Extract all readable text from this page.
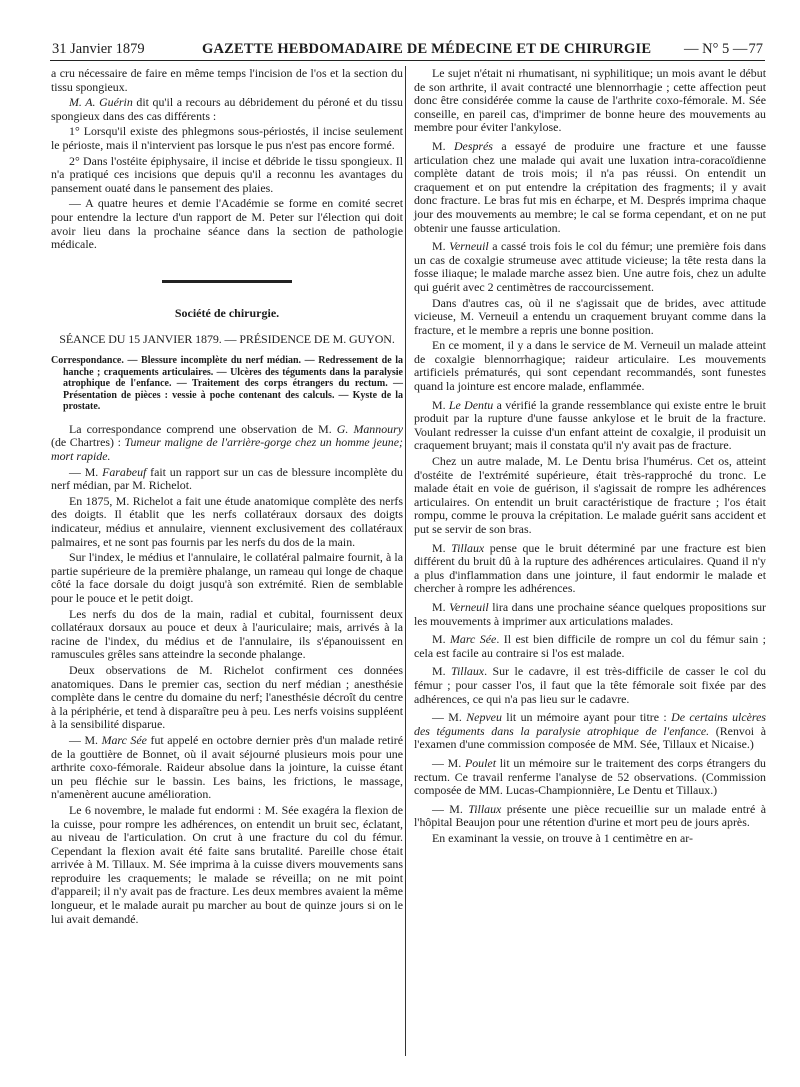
31 Janvier 1879	GAZETTE HEBDOMADAIRE DE MÉDECINE ET DE CHIRURGIE — N° 5 — 77

a cru nécessaire de faire en même temps l'incision de l'os et la section du tissu spongieux.

M. A. Guérin dit qu'il a recours au débridement du péroné et du tissu spongieux dans des cas différents :

1° Lorsqu'il existe des phlegmons sous-périostés, il incise seulement le périoste, mais il n'intervient pas lorsque le pus n'est pas encore formé.

2° Dans l'ostéite épiphysaire, il incise et débride le tissu spongieux. Il n'a pratiqué ces incisions que depuis qu'il a reconnu les avantages du pansement ouaté dans le pansement des plaies.

— A quatre heures et demie l'Académie se forme en comité secret pour entendre la lecture d'un rapport de M. Peter sur l'élection qui doit avoir lieu dans la prochaine séance dans la section de pathologie médicale.

Société de chirurgie.
SÉANCE DU 15 JANVIER 1879. — PRÉSIDENCE DE M. GUYON.
Correspondance. — Blessure incomplète du nerf médian. — Redressement de la hanche ; craquements articulaires. — Ulcères des téguments dans la paralysie atrophique de l'enfance. — Traitement des corps étrangers du rectum. — Présentation de pièces : vessie à poche contenant des calculs. — Kyste de la prostate.

La correspondance comprend une observation de M. G. Mannoury (de Chartres) : Tumeur maligne de l'arrière-gorge chez un homme jeune; mort rapide.

— M. Farabeuf fait un rapport sur un cas de blessure incomplète du nerf médian, par M. Richelot.

En 1875, M. Richelot a fait une étude anatomique complète des nerfs des doigts. Il établit que les nerfs collatéraux dorsaux des doigts indicateur, médius et annulaire, viennent exclusivement des collatéraux palmaires, et ne sont pas fournis par les nerfs du dos de la main.

Sur l'index, le médius et l'annulaire, le collatéral palmaire fournit, à la partie supérieure de la première phalange, un rameau qui longe de chaque côté la face dorsale du doigt jusqu'à son extrémité. Rien de semblable pour le pouce et le petit doigt.

Les nerfs du dos de la main, radial et cubital, fournissent deux collatéraux dorsaux au pouce et deux à l'auriculaire; mais, arrivés à la racine de l'index, du médius et de l'annulaire, ils s'épanouissent en ramuscules grêles sans atteindre la seconde phalange.

Deux observations de M. Richelot confirment ces données anatomiques. Dans le premier cas, section du nerf médian ; anesthésie complète dans le centre du domaine du nerf; l'anesthésie décroît du centre à la périphérie, et tend à disparaître peu à peu. Les nerfs voisins suppléent à la sensibilité disparue.

— M. Marc Sée fut appelé en octobre dernier près d'un malade retiré de la gouttière de Bonnet, où il avait séjourné plusieurs mois pour une arthrite coxo-fémorale. Raideur absolue dans la jointure, la cuisse étant un peu fléchie sur le bassin. Les bains, les frictions, le massage, n'amenèrent aucune amélioration.

Le 6 novembre, le malade fut endormi : M. Sée exagéra la flexion de la cuisse, pour rompre les adhérences, on entendit un bruit sec, éclatant, au niveau de l'articulation. On crut à une fracture du col du fémur. Cependant la flexion avait été faite sans brutalité. Pareille chose était arrivée à M. Tillaux. M. Sée imprima à la cuisse divers mouvements sans reproduire les craquements; le malade se réveilla; on ne mit point d'appareil; il n'y avait pas de fracture. Les deux membres avaient la même longueur, et le malade aurait pu marcher au bout de quinze jours si on le lui avait demandé.

Le sujet n'était ni rhumatisant, ni syphilitique; un mois avant le début de son arthrite, il avait contracté une blennorrhagie ; cette affection peut donc être considérée comme la cause de l'arthrite coxo-fémorale. M. Sée conseille, en pareil cas, d'imprimer de bonne heure des mouvements au membre pour éviter l'ankylose.

M. Després a essayé de produire une fracture et une fausse articulation chez une malade qui avait une luxation intra-coracoïdienne complète datant de trois mois; il n'a pas réussi. On entendit un craquement et on put entendre la crépitation des fragments; il y avait donc fracture. Le bras fut mis en écharpe, et M. Després imprima chaque jour des mouvements au membre; le cal se forma cependant, et on ne put obtenir une fausse articulation.

M. Verneuil a cassé trois fois le col du fémur; une première fois dans un cas de coxalgie strumeuse avec attitude vicieuse; la tête resta dans la fosse iliaque; le malade marche assez bien. Une autre fois, chez un adulte qui guérit avec 2 centimètres de raccourcissement.

Dans d'autres cas, où il ne s'agissait que de brides, avec attitude vicieuse, M. Verneuil a entendu un craquement bruyant comme dans la fracture, et le membre a repris une bonne position.

En ce moment, il y a dans le service de M. Verneuil un malade atteint de coxalgie blennorrhagique; raideur articulaire. Les mouvements artificiels prématurés, qui sont cependant recommandés, sont funestes quand la jointure est encore malade, enflammée.

M. Le Dentu a vérifié la grande ressemblance qui existe entre le bruit produit par la rupture d'une fausse ankylose et le bruit de la fracture. Voulant redresser la cuisse d'un enfant atteint de coxalgie, il produisit un craquement bruyant; mais il constata qu'il n'y avait pas de fracture.

Chez un autre malade, M. Le Dentu brisa l'humérus. Cet os, atteint d'ostéite de l'extrémité supérieure, était très-rapproché du tronc. Le malade était en voie de guérison, il s'agissait de rompre les adhérences articulaires. On entendit un bruit caractéristique de fracture ; l'os était rompu, comme le prouva la crépitation. Le malade guérit sans accident et put se servir de son bras.

M. Tillaux pense que le bruit déterminé par une fracture est bien différent du bruit dû à la rupture des adhérences articulaires. Quand il n'y a plus d'inflammation dans une jointure, il faut endormir le malade et chercher à rompre les adhérences.

M. Verneuil lira dans une prochaine séance quelques propositions sur les mouvements à imprimer aux articulations malades.

M. Marc Sée. Il est bien difficile de rompre un col du fémur sain ; cela est facile au contraire si l'os est malade.

M. Tillaux. Sur le cadavre, il est très-difficile de casser le col du fémur ; pour casser l'os, il faut que la tête fémorale soit fixée par des adhérences, ce qui n'a pas lieu sur le cadavre.

— M. Nepveu lit un mémoire ayant pour titre : De certains ulcères des téguments dans la paralysie atrophique de l'enfance. (Renvoi à l'examen d'une commission composée de MM. Sée, Tillaux et Nicaise.)

— M. Poulet lit un mémoire sur le traitement des corps étrangers du rectum. Ce travail renferme l'analyse de 52 observations. (Commission composée de MM. Lucas-Championnière, Le Dentu et Tillaux.)

— M. Tillaux présente une pièce recueillie sur un malade entré à l'hôpital Beaujon pour une rétention d'urine et mort peu de jours après.

En examinant la vessie, on trouve à 1 centimètre en ar-
